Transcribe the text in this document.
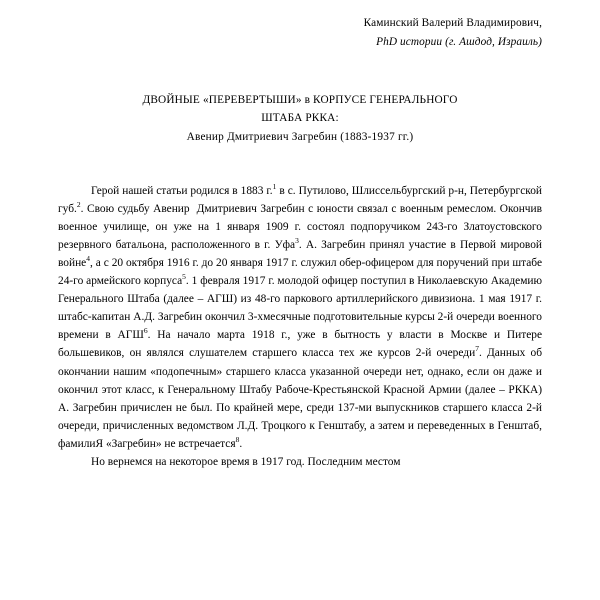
Каминский Валерий Владимирович,
PhD истории (г. Ашдод, Израиль)
ДВОЙНЫЕ «ПЕРЕВЕРТЫШИ» в КОРПУСЕ ГЕНЕРАЛЬНОГО
ШТАБА РККА:
Авенир Дмитриевич Загребин (1883-1937 гг.)

Герой нашей статьи родился в 1883 г.$^1$ в с. Путилово, Шлиссельбургский р-н, Петербургской губ.$^2$. Свою судьбу Авенир  Дмитриевич Загребин с юности связал с военным ремеслом. Окончив военное училище, он уже на 1 января 1909 г. состоял подпоручиком 243-го Златоустовского резервного батальона, расположенного в г. Уфа$^3$. А. Загребин принял участие в Первой мировой войне$^4$, а с 20 октября 1916 г. до 20 января 1917 г. служил обер-офицером для поручений при штабе 24-го армейского корпуса$^5$. 1 февраля 1917 г. молодой офицер поступил в Николаевскую Академию Генерального Штаба (далее – АГШ) из 48-го паркового артиллерийского дивизиона. 1 мая 1917 г. штабс-капитан А.Д. Загребин окончил 3-хмесячные подготовительные курсы 2-й очереди военного времени в АГШ$^6$. На начало марта 1918 г., уже в бытность у власти в Москве и Питере большевиков, он являлся слушателем старшего класса тех же курсов 2-й очереди$^7$. Данных об окончании нашим «подопечным» старшего класса указанной очереди нет, однако, если он даже и окончил этот класс, к Генеральному Штабу Рабоче-Крестьянской Красной Армии (далее – РККА) А. Загребин причислен не был. По крайней мере, среди 137-ми выпускников старшего класса 2-й очереди, причисленных ведомством Л.Д. Троцкого к Генштабу, а затем и переведенных в Генштаб, фамилиЯ «Загребин» не встречается$^8$.

Но вернемся на некоторое время в 1917 год. Последним местом
